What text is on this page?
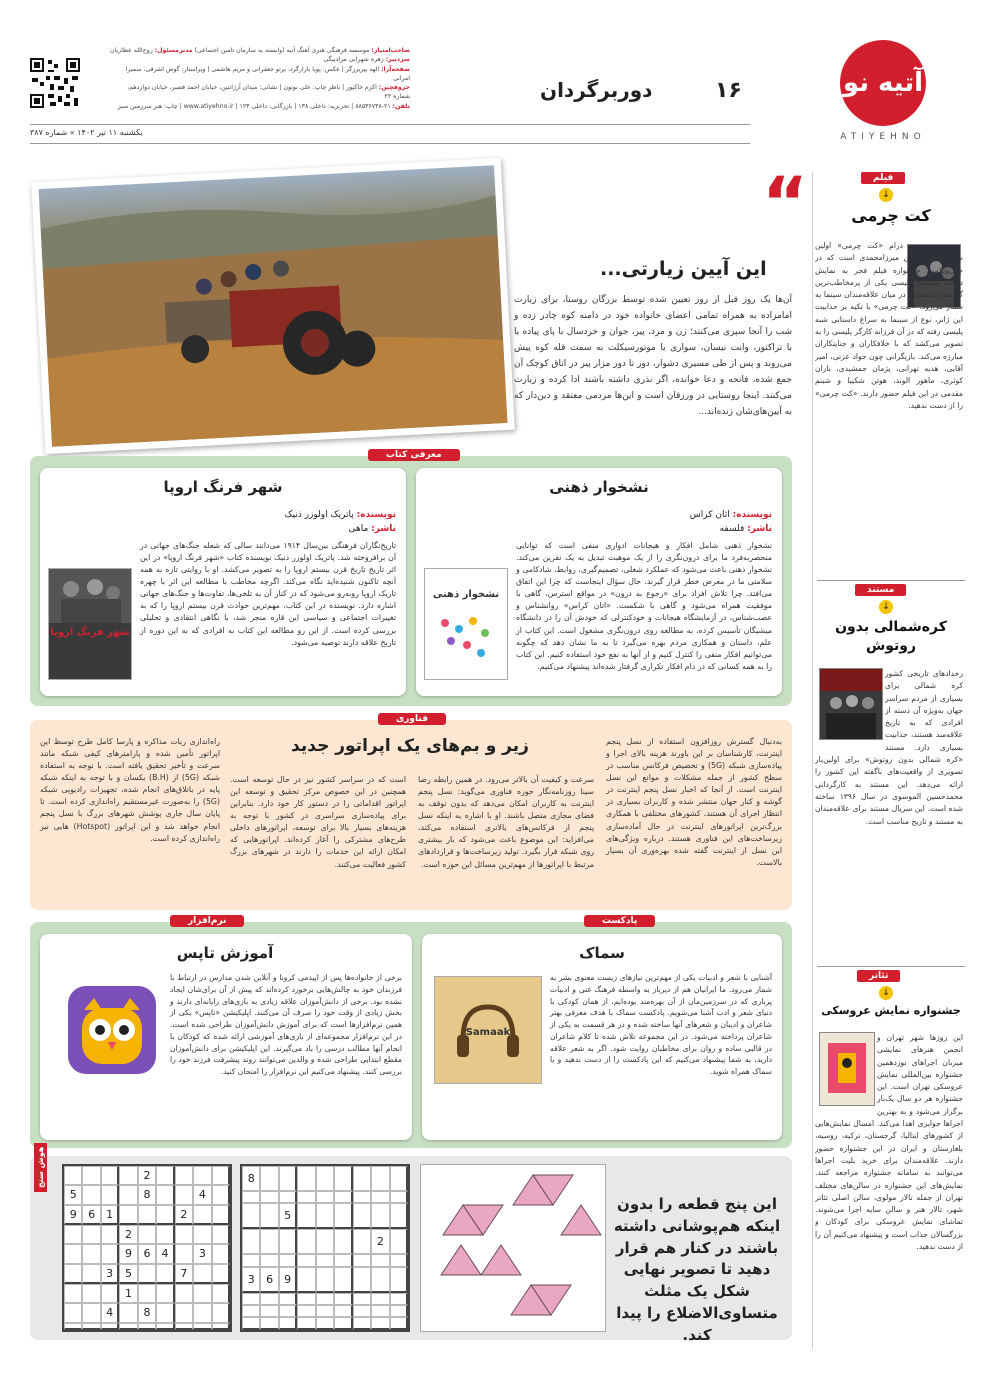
آتیه نو
ATIYEHNO
۱۶
دوربرگردان
صاحب‌امتیاز: موسسه فرهنگی هنری آهنگ آتیه (وابسته به سازمان تامین اجتماعی) مدیرمسئول: روح‌الله عطاریان
سردبیر: زهره شهرابی مرادبیگی
صفحه‌آرا: الهه پیربرزگر | عکس: پویا بازارگرد، پرتو جعفرانی و مریم هاشمی | ویراستار: گوش اشرفی، سمیرا امرانی
حروفچین: اکرم خاکپور | ناظر چاپ: علی نوتون | نشانی: میدان آرژانتین، خیابان احمد قصیر، خیابان دوازدهم، شماره ۲۲
تلفن: ۲۱-۸۸۵۳۶۷۳۸ | تحریریه: داخلی ۱۳۸ | بازرگانی: داخلی ۱۲۳ | www.atiyehno.ir | چاپ: هنر سرزمین سبز
یکشنبه ۱۱ تیر ۱۴۰۲ » شماره ۳۸۷
“
این آیین زیارتی...
آن‌ها یک روز قبل از روز تعیین شده توسط بزرگان روستا، برای زیارت امامزاده به همراه تمامی اعضای خانواده خود در دامنه کوه چادر زده و شب را آنجا سپری می‌کنند؛ زن و مرد، پیر، جوان و خردسال با پای پیاده یا با تراکتور، وانت نیسان، سواری یا موتورسیکلت به سمت قله کوه پیش می‌روند و پس از طی مسیری دشوار، دور تا دور مزار پیر در اتاق کوچک آن جمع شده، فاتحه و دعا خوانده، اگر نذری داشته باشند ادا کرده و زیارت می‌کنند. اینجا روستایی در ورزقان است و این‌ها مردمی معتقد و دین‌دار که به آیین‌های‌شان زنده‌اند...
معرفی کتاب
نشخوار ذهنی
نویسنده: اثان کراس
ناشر: فلسفه
نشخوار ذهنی شامل افکار و هیجانات ادواری منفی است که توانایی منحصربه‌فرد ما برای درون‌نگری را از یک موهبت تبدیل به یک نفرین می‌کند. نشخوار ذهنی باعث می‌شود که عملکرد شغلی، تصمیم‌گیری، روابط، شادکامی و سلامتی ما در معرض خطر قرار گیرند. حال سؤال اینجاست که چرا این اتفاق می‌افتد. چرا تلاش افراد برای «رجوع به درون» در مواقع استرس، گاهی با موفقیت همراه می‌شود و گاهی با شکست. «اتان کراس» روانشناس و عصب‌شناس، در آزمایشگاه هیجانات و خودکنترلی که خودش آن را در دانشگاه میشیگان تأسیس کرده، به مطالعه روی درون‌نگری مشغول است. این کتاب از علم، داستان و همکاری مردم بهره می‌گیرد تا به ما نشان دهد که چگونه می‌توانیم افکار منفی را کنترل کنیم و از آنها به نفع خود استفاده کنیم. این کتاب را به همه کسانی که در دام افکار تکراری گرفتار شده‌اند پیشنهاد می‌کنیم.
نشخوار ذهنی
شهر فرنگ اروپا
نویسنده: پاتریک اولوزر ذنیک
ناشر: ماهی
تاریخ‌نگاران فرهنگی بین‌سال ۱۹۱۴ می‌دانند سالی که شعله جنگ‌های جهانی در آن برافروخته شد. پاتریک اولوزر ذنیک نویسنده کتاب «شهر فرنگ اروپا» در این اثر تاریخ تاریخ قرن بیستم اروپا را به تصویر می‌کشد. او با روایتی تازه به همه آنچه تاکنون شنیده‌اید نگاه می‌کند. اگرچه مخاطب با مطالعه این اثر با چهره تاریک اروپا روبه‌رو می‌شود که در کنار آن به تلخی‌ها، تفاوت‌ها و جنگ‌های جهانی اشاره دارد. نویسنده در این کتاب، مهم‌ترین حوادث قرن بیستم اروپا را که به تغییرات اجتماعی و سیاسی این قاره منجر شد، با نگاهی انتقادی و تحلیلی بررسی کرده است. از این رو مطالعه این کتاب به افرادی که به این دوره از تاریخ علاقه دارند توصیه می‌شود.
شهر فرنگ اروپا
فناوری
زیر و بم‌های یک اپراتور جدید	به‌دنبال گسترش روزافزون استفاده از نسل پنجم اینترنت، کارشناسان بر این باورند هزینه بالای اجرا و پیاده‌سازی شبکه (5G) و تخصیص فرکانس مناسب در سطح کشور از جمله مشکلات و موانع این نسل اینترنت است. از آنجا که اخبار نسل پنجم اینترنت در گوشه و کنار جهان منتشر شده و کاربران بسیاری در انتظار اجرای آن هستند، کشورهای مختلفی با همکاری بزرگ‌ترین اپراتورهای اینترنت در حال آماده‌سازی زیرساخت‌های این فناوری هستند. درباره ویژگی‌های این نسل از اینترنت گفته شده بهره‌وری آن بسیار بالاست.
سرعت و کیفیت آن بالاتر می‌رود. در همین رابطه رضا سینا روزنامه‌نگار حوزه فناوری می‌گوید: نسل پنجم اینترنت به کاربران امکان می‌دهد که بدون توقف به فضای مجازی متصل باشند. او با اشاره به اینکه نسل پنجم از فرکانس‌های بالاتری استفاده می‌کند، می‌افزاید: این موضوع باعث می‌شود که بار بیشتری روی شبکه قرار بگیرد. تولید زیرساخت‌ها و قراردادهای مرتبط با اپراتورها از مهم‌ترین مسائل این حوزه است.
است که در سراسر کشور نیز در حال توسعه است. همچنین در این خصوص مرکز تحقیق و توسعه این اپراتور اقداماتی را در دستور کار خود دارد. بنابراین برای پیاده‌سازی سراسری در کشور با توجه به هزینه‌های بسیار بالا برای توسعه، اپراتورهای داخلی طرح‌های مشترکی را آغاز کرده‌اند. اپراتورهایی که امکان ارائه این خدمات را دارند در شهرهای بزرگ کشور فعالیت می‌کنند.
راه‌اندازی ربات مذاکره و پارسا کامل طرح توسط این اپراتور تأمین شده و پارامترهای کیفی شبکه مانند سرعت و تأخیر تحقیق یافته است. با توجه به استفاده شبکه (5G) از (B.H) یکسان و با توجه به اینکه شبکه پایه در باتلاق‌های انجام شده، تجهیزات رادیویی شبکه (5G) را به‌صورت غیرمستقیم راه‌اندازی کرده است. تا پایان سال جاری پوشش شهرهای بزرگ با نسل پنجم انجام خواهد شد و این اپراتور (Hotspot) هایی نیز راه‌اندازی کرده است.
سماک
آشنایی با شعر و ادبیات یکی از مهم‌ترین نیازهای زیست معنوی بشر به شمار می‌رود. ما ایرانیان هم از دیرباز به واسطه فرهنگ غنی و ادبیات پرباری که در سرزمین‌مان از آن بهره‌مند بوده‌ایم، از همان کودکی با دنیای شعر و ادب آشنا می‌شویم. پادکست سماک با هدف معرفی بهتر شاعران و ادیبان و شعرهای آنها ساخته شده و در هر قسمت به یکی از شاعران پرداخته می‌شود. در این مجموعه تلاش شده تا کلام شاعران در قالبی ساده و روان برای مخاطبان روایت شود. اگر به شعر علاقه دارید، به شما پیشنهاد می‌کنیم که این پادکست را از دست ندهید و با سماک همراه شوید.
Samaak
پادکست
آموزش تاپس
برخی از خانواده‌ها پس از اپیدمی کرونا و آنلاین شدن مدارس در ارتباط با فرزندان خود به چالش‌هایی برخورد کرده‌اند که پیش از آن برای‌شان ایجاد نشده بود. برخی از دانش‌آموزان علاقه زیادی به بازی‌های رایانه‌ای دارند و بخش زیادی از وقت خود را صرف آن می‌کنند. اپلیکیشن «تاپس» یکی از همین نرم‌افزارها است که برای آموزش دانش‌آموزان طراحی شده است. در این نرم‌افزار مجموعه‌ای از بازی‌های آموزشی ارائه شده که کودکان با انجام آنها مطالب درسی را یاد می‌گیرند. این اپلیکیشن برای دانش‌آموزان مقطع ابتدایی طراحی شده و والدین می‌توانند روند پیشرفت فرزند خود را بررسی کنند. پیشنهاد می‌کنیم این نرم‌افزار را امتحان کنید.
نرم‌افزار
هوش سنج
این پنج قطعه را بدون اینکه هم‌پوشانی داشته باشند در کنار هم قرار دهید تا تصویر نهایی شکل یک مثلث متساوی‌الاضلاع را پیدا کند.
8
5
2
3	6 9
2
5	8	4
9	6 1	2
2
9	6 4	3
3	5	7
1
4	8
فیلم
↓
کت چرمی
درام «کت چرمی» اولین ساخته بلند حسین میرزامحمدی است که در چهل‌ویکمین جشنواره فیلم فجر به نمایش درآمد. سینمای پلیسی یکی از پرمخاطب‌ترین گونه‌های سینمایی در میان علاقه‌مندان سینما به شمار می‌رود. «کت چرمی» با تکیه بر جذابیت این ژانر، نوع از سینما به سراغ داستانی شبه پلیسی رفته که در آن فرزانه کارگر پلیسی را به تصویر می‌کشد که با خلافکاران و جنایتکاران مبارزه می‌کند. بازیگرانی چون جواد عزتی، امیر آقایی، هدیه تهرانی، پژمان جمشیدی، باران کوثری، ماهور الوند، هوتن شکیبا و شبنم مقدمی در این فیلم حضور دارند. «کت چرمی» را از دست ندهید.
مستند
↓
کره‌شمالی بدون روتوش
رخدادهای تاریخی کشور کره شمالی برای بسیاری از مردم سراسر جهان به‌ویژه آن دسته از افرادی که به تاریخ علاقه‌مند هستند، جذابیت بسیاری دارد. مستند «کره شمالی بدون روتوش» برای اولین‌بار تصویری از واقعیت‌های ناگفته این کشور را ارائه می‌دهد. این مستند به کارگردانی محمدحسین الموسوی در سال ۱۳۹۶ ساخته شده است. این سریال مستند برای علاقه‌مندان به مستند و تاریخ مناسب است.
تئاتر
↓
جشنواره نمایش عروسکی
این روزها شهر تهران و انجمن هنرهای نمایشی میزبان اجراهای نوزدهمین جشنواره بین‌المللی نمایش عروسکی تهران است. این جشنواره هر دو سال یک‌بار برگزار می‌شود و به بهترین اجراها جوایزی اهدا می‌کند. امسال نمایش‌هایی از کشورهای ایتالیا، گرجستان، ترکیه، روسیه، بلغارستان و ایران در این جشنواره حضور دارند. علاقه‌مندان برای خرید بلیت اجراها می‌توانند به سامانه جشنواره مراجعه کنند. نمایش‌های این جشنواره در سالن‌های مختلف تهران از جمله تالار مولوی، سالن اصلی تئاتر شهر، تالار هنر و سالن سایه اجرا می‌شوند. تماشای نمایش عروسکی برای کودکان و بزرگسالان جذاب است و پیشنهاد می‌کنیم آن را از دست ندهید.
